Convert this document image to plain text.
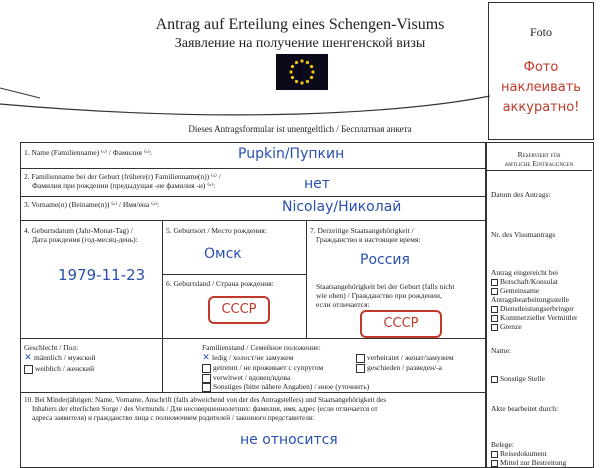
Antrag auf Erteilung eines Schengen-Visums
Заявление на получение шенгенской визы
Foto
Фото
наклеивать
аккуратно!
Dieses Antragsformular ist unentgeltlich / Бесплатная анкета
1. Name (Familienname) ⁽ˣ⁾ / Фамилия ⁽ˣ⁾:	Pupkin/Пупкин
2. Familienname bei der Geburt (frühere(r) Familienname(n)) ⁽ˣ⁾ /
Фамилия при рождении (предыдущая -ие фамилия -и) ⁽ˣ⁾:	нет
3. Vorname(n) (Beiname(n)) ⁽ˣ⁾ / Имя/ена ⁽ˣ⁾:	Nicolay/Николай
4. Geburtsdatum (Jahr-Monat-Tag) /
Дата рождения (год-месяц-день):
1979-11-23
5. Geburtsort / Место рождения:
Омск
6. Geburtsland / Страна рождения:
СССР
7. Derzeitige Staatsangehörigkeit /
Гражданство в настоящее время:
Россия
Staatsangehörigkeit bei der Geburt (falls nicht
wie oben) / Гражданство при рождении,
если отличается:
СССР
Geschlecht / Пол:
✕ männlich / мужской
weiblich / женский
Familienstand / Семейное положение:
✕ ledig / холост/не замужем	verheiratet / женат/замужем
getrennt / не проживает с супругом	geschieden / разведен/-а
verwitwet / вдовец/вдова
Sonstiges (bitte nähere Angaben) / иное (уточнить)
10. Bei Minderjährigen: Name, Vorname, Anschrift (falls abweichend von der des Antragstellers) und Staatsangehörigkeit des
Inhabers der elterlichen Sorge / des Vormunds / Для несовершеннолетних: фамилия, имя, адрес (если отличается от
адреса заявителя) и гражданство лица с полномочием родителей / законного представителя:
не относится
Reserviert für
amtliche Eintragungen
Datum des Antrags:
Nr. des Visumantrags
Antrag eingereicht bei
Botschaft/Konsulat
Gemeinsame
Antragsbearbeitungsstelle
Dienstleistungserbringer
Kommerzieller Vermittler
Grenze
Name:
Sonstige Stelle
Akte bearbeitet durch:
Belege:
Reisedokument
Mittel zur Bestreitung
